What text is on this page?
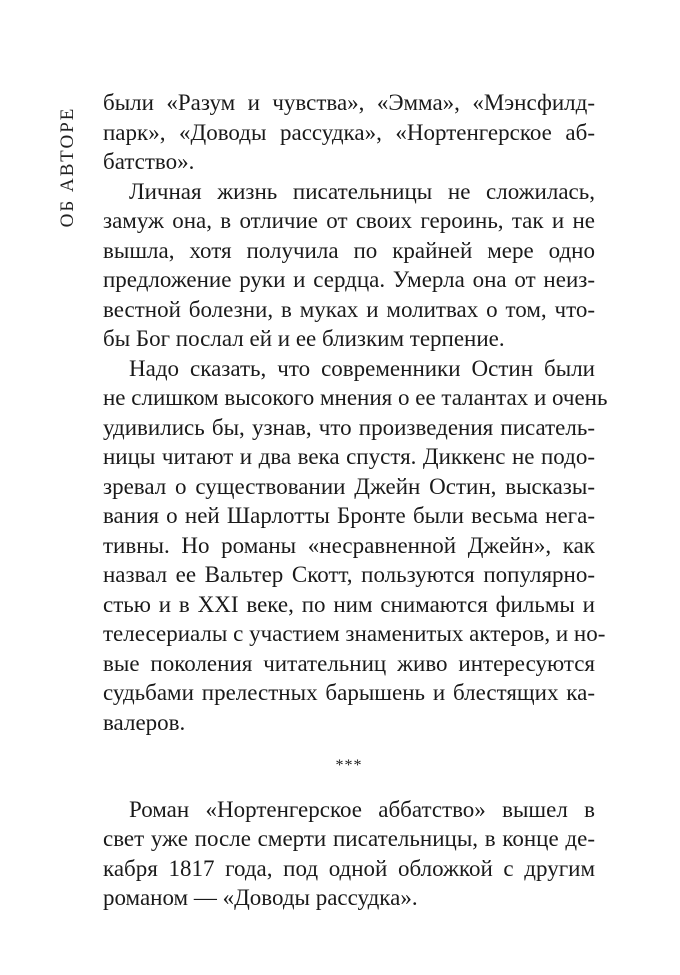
ОБ АВТОРЕ
были «Разум и чувства», «Эмма», «Мэнсфилд-
парк», «Доводы рассудка», «Нортенгерское аб-
батство».
Личная жизнь писательницы не сложилась,
замуж она, в отличие от своих героинь, так и не
вышла, хотя получила по крайней мере одно
предложение руки и сердца. Умерла она от неиз-
вестной болезни, в муках и молитвах о том, что-
бы Бог послал ей и ее близким терпение.
Надо сказать, что современники Остин были
не слишком высокого мнения о ее талантах и очень
удивились бы, узнав, что произведения писатель-
ницы читают и два века спустя. Диккенс не подо-
зревал о существовании Джейн Остин, высказы-
вания о ней Шарлотты Бронте были весьма нега-
тивны. Но романы «несравненной Джейн», как
назвал ее Вальтер Скотт, пользуются популярно-
стью и в XXI веке, по ним снимаются фильмы и
телесериалы с участием знаменитых актеров, и но-
вые поколения читательниц живо интересуются
судьбами прелестных барышень и блестящих ка-
валеров.
***
Роман «Нортенгерское аббатство» вышел в
свет уже после смерти писательницы, в конце де-
кабря 1817 года, под одной обложкой с другим
романом — «Доводы рассудка».
